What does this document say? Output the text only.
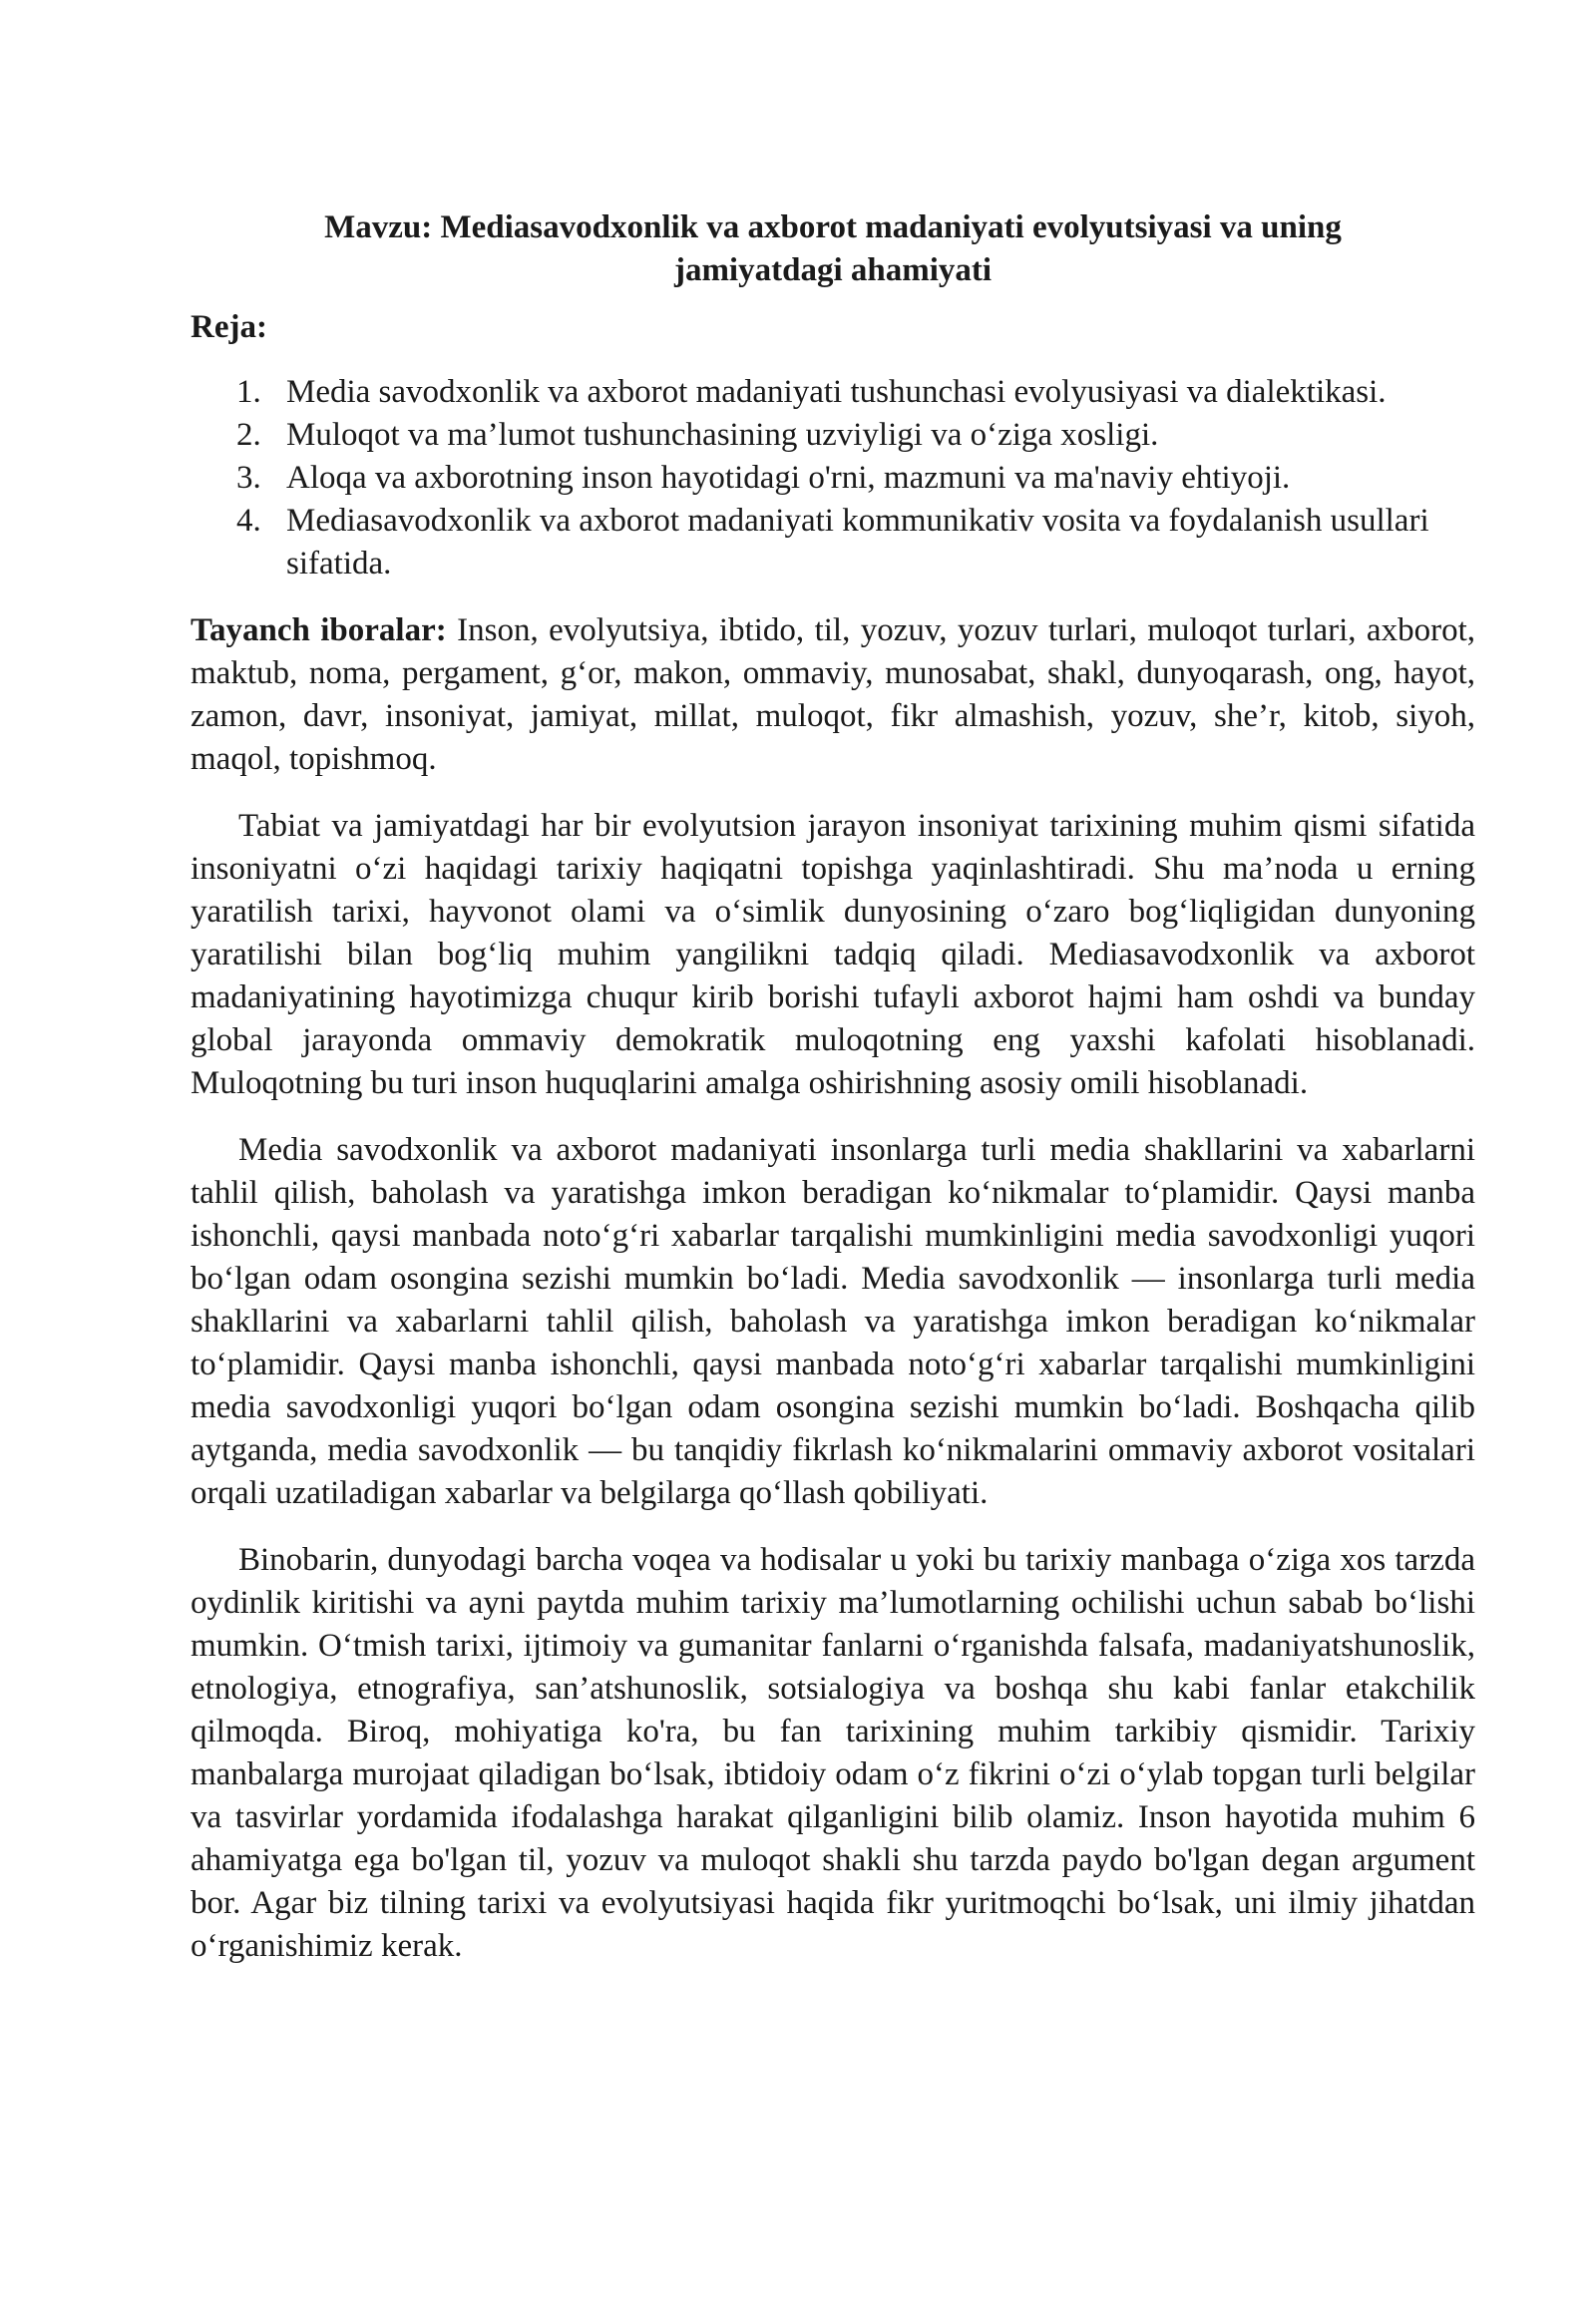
Mavzu: Mediasavodxonlik va axborot madaniyati evolyutsiyasi va uning
jamiyatdagi ahamiyati
Reja:
1. Media savodxonlik va axborot madaniyati tushunchasi evolyusiyasi va dialektikasi.
2. Muloqot va ma’lumot tushunchasining uzviyligi va o‘ziga xosligi.
3. Aloqa va axborotning inson hayotidagi o'rni, mazmuni va ma'naviy ehtiyoji.
4. Mediasavodxonlik va axborot madaniyati kommunikativ vosita va foydalanish usullari sifatida.

Tayanch iboralar: Inson, evolyutsiya, ibtido, til, yozuv, yozuv turlari, muloqot turlari, axborot, maktub, noma, pergament, g‘or, makon, ommaviy, munosabat, shakl, dunyoqarash, ong, hayot, zamon, davr, insoniyat, jamiyat, millat, muloqot, fikr almashish, yozuv, she’r, kitob, siyoh, maqol, topishmoq.

Tabiat va jamiyatdagi har bir evolyutsion jarayon insoniyat tarixining muhim qismi sifatida insoniyatni o‘zi haqidagi tarixiy haqiqatni topishga yaqinlashtiradi. Shu ma’noda u erning yaratilish tarixi, hayvonot olami va o‘simlik dunyosining o‘zaro bog‘liqligidan dunyoning yaratilishi bilan bog‘liq muhim yangilikni tadqiq qiladi. Mediasavodxonlik va axborot madaniyatining hayotimizga chuqur kirib borishi tufayli axborot hajmi ham oshdi va bunday global jarayonda ommaviy demokratik muloqotning eng yaxshi kafolati hisoblanadi. Muloqotning bu turi inson huquqlarini amalga oshirishning asosiy omili hisoblanadi.

Media savodxonlik va axborot madaniyati insonlarga turli media shakllarini va xabarlarni tahlil qilish, baholash va yaratishga imkon beradigan ko‘nikmalar to‘plamidir. Qaysi manba ishonchli, qaysi manbada noto‘g‘ri xabarlar tarqalishi mumkinligini media savodxonligi yuqori bo‘lgan odam osongina sezishi mumkin bo‘ladi. Media savodxonlik — insonlarga turli media shakllarini va xabarlarni tahlil qilish, baholash va yaratishga imkon beradigan ko‘nikmalar to‘plamidir. Qaysi manba ishonchli, qaysi manbada noto‘g‘ri xabarlar tarqalishi mumkinligini media savodxonligi yuqori bo‘lgan odam osongina sezishi mumkin bo‘ladi. Boshqacha qilib aytganda, media savodxonlik — bu tanqidiy fikrlash ko‘nikmalarini ommaviy axborot vositalari orqali uzatiladigan xabarlar va belgilarga qo‘llash qobiliyati.

Binobarin, dunyodagi barcha voqea va hodisalar u yoki bu tarixiy manbaga o‘ziga xos tarzda oydinlik kiritishi va ayni paytda muhim tarixiy ma’lumotlarning ochilishi uchun sabab bo‘lishi mumkin. O‘tmish tarixi, ijtimoiy va gumanitar fanlarni o‘rganishda falsafa, madaniyatshunoslik, etnologiya, etnografiya, san’atshunoslik, sotsialogiya va boshqa shu kabi fanlar etakchilik qilmoqda. Biroq, mohiyatiga ko'ra, bu fan tarixining muhim tarkibiy qismidir. Tarixiy manbalarga murojaat qiladigan bo‘lsak, ibtidoiy odam o‘z fikrini o‘zi o‘ylab topgan turli belgilar va tasvirlar yordamida ifodalashga harakat qilganligini bilib olamiz. Inson hayotida muhim 6 ahamiyatga ega bo'lgan til, yozuv va muloqot shakli shu tarzda paydo bo'lgan degan argument bor. Agar biz tilning tarixi va evolyutsiyasi haqida fikr yuritmoqchi bo‘lsak, uni ilmiy jihatdan o‘rganishimiz kerak.
